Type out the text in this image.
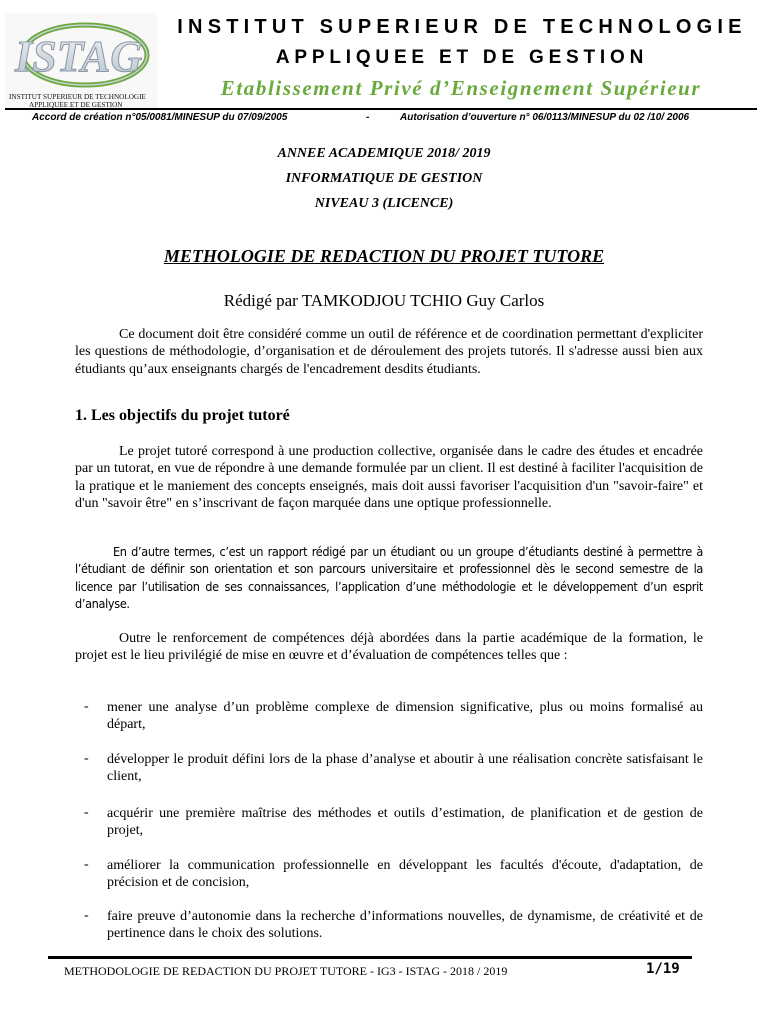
ISTAG
INSTITUT SUPERIEUR DE TECHNOLOGIE
APPLIQUEE ET DE GESTION
INSTITUT SUPERIEUR DE TECHNOLOGIE
APPLIQUEE ET DE GESTION
Etablissement Privé d’Enseignement Supérieur
Accord de création n°05/0081/MINESUP du 07/09/2005	-	Autorisation d’ouverture n° 06/0113/MINESUP du 02 /10/ 2006
ANNEE ACADEMIQUE 2018/ 2019
INFORMATIQUE DE GESTION
NIVEAU 3 (LICENCE)
METHOLOGIE DE REDACTION DU PROJET TUTORE
Rédigé par TAMKODJOU TCHIO Guy Carlos
Ce document doit être considéré comme un outil de référence et de coordination permettant d'expliciter les questions de méthodologie, d’organisation et de déroulement des projets tutorés. Il s'adresse aussi bien aux étudiants qu’aux enseignants chargés de l'encadrement desdits étudiants.
1. Les objectifs du projet tutoré
Le projet tutoré correspond à une production collective, organisée dans le cadre des études et encadrée par un tutorat, en vue de répondre à une demande formulée par un client. Il est destiné à faciliter l'acquisition de la pratique et le maniement des concepts enseignés, mais doit aussi favoriser l'acquisition d'un "savoir-faire" et d'un "savoir être" en s’inscrivant de façon marquée dans une optique professionnelle.
En d’autre termes, c’est un rapport rédigé par un étudiant ou un groupe d’étudiants destiné à permettre à l’étudiant de définir son orientation et son parcours universitaire et professionnel dès le second semestre de la licence par l’utilisation de ses connaissances, l’application d’une méthodologie et le développement d’un esprit d’analyse.
Outre le renforcement de compétences déjà abordées dans la partie académique de la formation, le projet est le lieu privilégié de mise en œuvre et d’évaluation de compétences telles que :
- mener une analyse d’un problème complexe de dimension significative, plus ou moins formalisé au départ,
- développer le produit défini lors de la phase d’analyse et aboutir à une réalisation concrète satisfaisant le client,
- acquérir une première maîtrise des méthodes et outils d’estimation, de planification et de gestion de projet,
- améliorer la communication professionnelle en développant les facultés d'écoute, d'adaptation, de précision et de concision,
- faire preuve d’autonomie dans la recherche d’informations nouvelles, de dynamisme, de créativité et de pertinence dans le choix des solutions.
METHODOLOGIE DE REDACTION DU PROJET TUTORE - IG3 - ISTAG - 2018 / 2019	1/19
